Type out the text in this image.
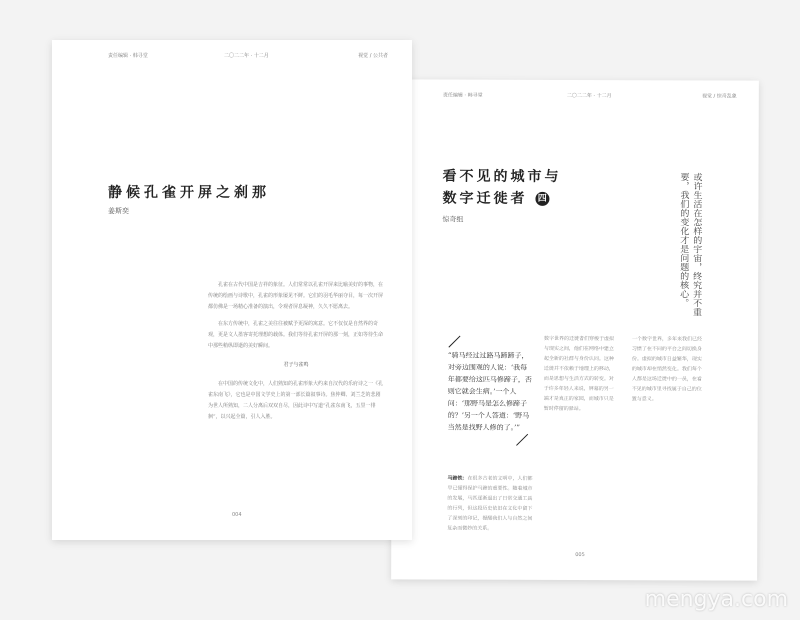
责任编辑 · 韩寻堂	二〇二二年 · 十二月	视觉 / 公共者
静候孔雀开屏之刹那
姜斯奕

孔雀在古代中国是吉祥的象征。人们常常以孔雀开屏来比喻美好的事物，在传统的绘画与诗歌中，孔雀的形象屡见不鲜。它们的羽毛华丽夺目，每一次开屏都仿佛是一场精心准备的演出，令观者屏息凝神，久久不愿离去。

在东方传统中，孔雀之美往往被赋予更深的寓意。它不仅仅是自然界的奇观，更是文人墨客寄托理想的载体。我们等待孔雀开屏的那一刻，正如等待生命中那些稍纵即逝的美好瞬间。

君子与雀鸣

在中国的传统文化中，人们熟知的孔雀形象大约来自汉代的乐府诗之一《孔雀东南飞》，它也是中国文学史上的第一部长篇叙事诗。焦仲卿、刘兰芝的悲剧为世人所熟知，二人分离后双双自尽，因此诗中写道“孔雀东南飞，五里一徘徊”，以兴起全篇，引人入胜。

004
责任编辑 · 韩寻堂	二〇二二年 · 十二月	视觉 / 惊奇乱象
看不见的城市与
数字迁徙者 四
惊奇组	或许生活在怎样的宇宙，终究并不重要，我们的变化才是问题的核心。
“骑马经过过路马蹄蹄子，对旁边围观的人说：‘我每年都要给这匹马修蹄子，否则它就会生病。’一个人问：‘那野马是怎么修蹄子的？’另一个人答道：‘野马当然是找野人修的了。’”

马蹄铁：在很多古老的文明中，人们都早已懂得保护马蹄的重要性。随着城市的发展，马匹逐渐退出了日常交通工具的行列，但这段历史依旧在文化中留下了深刻的印记，提醒我们人与自然之间复杂而微妙的关系。

数字世界的迁徙者们穿梭于虚拟与现实之间，他们在网络中建立起全新的社群与身份认同。这种迁徙并不依赖于地理上的移动，而是思想与生活方式的转变。对于许多年轻人来说，屏幕的另一端才是真正的家园，而城市只是暂时停留的驿站。

一个数字世界，多年来我们已经习惯了在不同的平台之间切换身份。虚拟的城市日益繁华，现实的城市却在悄然变化。我们每个人都是这场迁徙中的一员，在看不见的城市里寻找属于自己的位置与意义。

005
mengya.com
